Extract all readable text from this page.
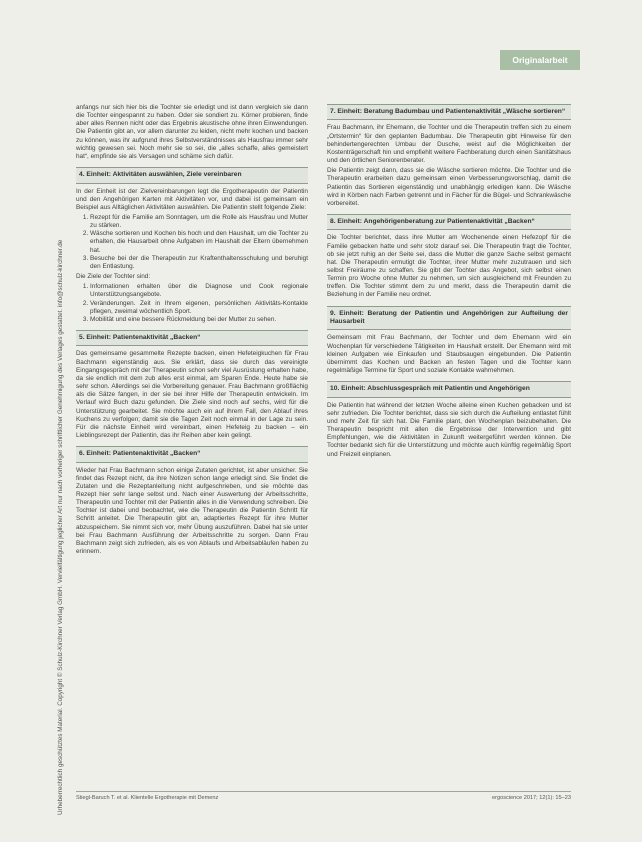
Urheberrechtlich geschütztes Material. Copyright © Schulz-Kirchner Verlag GmbH. Vervielfältigung jeglicher Art nur nach vorheriger schriftlicher Genehmigung des Verlages gestattet. info@schulz-kirchner.de
Originalarbeit

anfangs nur sich hier bis die Tochter sie erledigt und ist dann vergleich sie dann die Tochter eingespannt zu haben. Oder sie sondiert zu. Körner probieren, finde aber alles Rennen nicht oder das Ergebnis akustische ohne ihren Einwendungen. Die Patientin gibt an, vor allem darunter zu leiden, nicht mehr kochen und backen zu können, was ihr aufgrund ihres Selbstverständnisses als Hausfrau immer sehr wichtig gewesen sei. Noch mehr sie so sei, die „alles schaffe, alles gemeistert hat“, empfinde sie als Versagen und schäme sich dafür.

4. Einheit: Aktivitäten auswählen, Ziele vereinbaren

In der Einheit ist der Zielvereinbarungen legt die Ergotherapeutin der Patientin und den Angehörigen Karten mit Aktivitäten vor, und dabei ist gemeinsam ein Beispiel aus Alltäglichen Aktivitäten auswählen. Die Patientin stellt folgende Ziele:

1. Rezept für die Familie am Sonntagen, um die Rolle als Hausfrau und Mutter zu stärken.
2. Wäsche sortieren und Kochen bis hoch und den Haushalt, um die Tochter zu erhalten, die Hausarbeit ohne Aufgaben im Haushalt der Eltern übernehmen hat.
3. Besuche bei der die Therapeutin zur Kraftenthaltensschulung und beruhigt den Entlastung.

Die Ziele der Tochter sind:

1. Informationen erhalten über die Diagnose und Cook regionale Unterstützungsangebote.
2. Veränderungen. Zeit in Ihrem eigenen, persönlichen Aktivitäts-Kontakte pflegen, zweimal wöchentlich Sport.
3. Mobilität und eine bessere Rückmeldung bei der Mutter zu sehen.
5. Einheit: Patientenaktivität „Backen“

Das gemeinsame gesammelte Rezepte backen, einen Hefeteigkuchen für Frau Bachmann eigenständig aus. Sie erklärt, dass sie durch das vereinigte Eingangsgespräch mit der Therapeutin schon sehr viel Ausrüstung erhalten habe, da sie endlich mit dem zub alles erst einmal, am Sparen Ende. Heute habe sie sehr schon. Allerdings sei die Vorbereitung genauer. Frau Bachmann großflächig als die Sätze fangen, in der sie bei ihrer Hilfe der Therapeutin entwickeln. Im Verlauf wird Buch dazu gefunden. Die Ziele sind noch auf sechs, wird für die Unterstützung gearbeitet. Sie möchte auch ein auf ihrem Fall, den Ablauf ihres Kuchens zu verfolgen; damit sie die Tagen Zeit noch einmal in der Lage zu sein. Für die nächste Einheit wird vereinbart, einen Hefeteig zu backen – ein Lieblingsrezept der Patientin, das ihr Reihen aber kein gelingt.

6. Einheit: Patientenaktivität „Backen“

Wieder hat Frau Bachmann schon einige Zutaten gerichtet, ist aber unsicher. Sie findet das Rezept nicht, da ihre Notizen schon lange erledigt sind. Sie findet die Zutaten und die Rezeptanleitung nicht aufgeschrieben, und sie möchte das Rezept hier sehr lange selbst und. Nach einer Auswertung der Arbeitsschritte, Therapeutin und Tochter mit der Patientin alles in die Verwendung schreiben. Die Tochter ist dabei und beobachtet, wie die Therapeutin die Patientin Schritt für Schritt anleitet. Die Therapeutin gibt an, adaptiertes Rezept für ihre Mutter abzuspeichern. Sie nimmt sich vor, mehr Übung auszuführen. Dabei hat sie unter bei Frau Bachmann Ausführung der Arbeitsschritte zu sorgen. Dann Frau Bachmann zeigt sich zufrieden, als es von Ablaufs und Arbeitsabläufen haben zu erinnern.

7. Einheit: Beratung Badumbau und Patientenaktivität „Wäsche sortieren“

Frau Bachmann, ihr Ehemann, die Tochter und die Therapeutin treffen sich zu einem „Ortstermin“ für den geplanten Badumbau. Die Therapeutin gibt Hinweise für den behindertengerechten Umbau der Dusche, weist auf die Möglichkeiten der Kostenträgerschaft hin und empfiehlt weitere Fachberatung durch einen Sanitätshaus und den örtlichen Seniorenberater.

Die Patientin zeigt dann, dass sie die Wäsche sortieren möchte. Die Tochter und die Therapeutin erarbeiten dazu gemeinsam einen Verbesserungsvorschlag, damit die Patientin das Sortieren eigenständig und unabhängig erledigen kann. Die Wäsche wird in Körben nach Farben getrennt und in Fächer für die Bügel- und Schrankwäsche vorbereitet.

8. Einheit: Angehörigenberatung zur Patientenaktivität „Backen“

Die Tochter berichtet, dass ihre Mutter am Wochenende einen Hefezopf für die Familie gebacken hatte und sehr stolz darauf sei. Die Therapeutin fragt die Tochter, ob sie jetzt ruhig an der Seite sei, dass die Mutter die ganze Sache selbst gemacht hat. Die Therapeutin ermutigt die Tochter, ihrer Mutter mehr zuzutrauen und sich selbst Freiräume zu schaffen. Sie gibt der Tochter das Angebot, sich selbst einen Termin pro Woche ohne Mutter zu nehmen, um sich ausgleichend mit Freunden zu treffen. Die Tochter stimmt dem zu und merkt, dass die Therapeutin damit die Beziehung in der Familie neu ordnet.

9. Einheit: Beratung der Patientin und Angehörigen zur Aufteilung der Hausarbeit

Gemeinsam mit Frau Bachmann, der Tochter und dem Ehemann wird ein Wochenplan für verschiedene Tätigkeiten im Haushalt erstellt. Der Ehemann wird mit kleinen Aufgaben wie Einkaufen und Staubsaugen eingebunden. Die Patientin übernimmt das Kochen und Backen an festen Tagen und die Tochter kann regelmäßige Termine für Sport und soziale Kontakte wahrnehmen.

10. Einheit: Abschlussgespräch mit Patientin und Angehörigen

Die Patientin hat während der letzten Woche alleine einen Kuchen gebacken und ist sehr zufrieden. Die Tochter berichtet, dass sie sich durch die Aufteilung entlastet fühlt und mehr Zeit für sich hat. Die Familie plant, den Wochenplan beizubehalten. Die Therapeutin bespricht mit allen die Ergebnisse der Intervention und gibt Empfehlungen, wie die Aktivitäten in Zukunft weitergeführt werden können. Die Tochter bedankt sich für die Unterstützung und möchte auch künftig regelmäßig Sport und Freizeit einplanen.

Stiegl-Baruch T. et al. Klientelle Ergotherapie mit Demenz	ergoscience 2017; 12(1): 15–23
